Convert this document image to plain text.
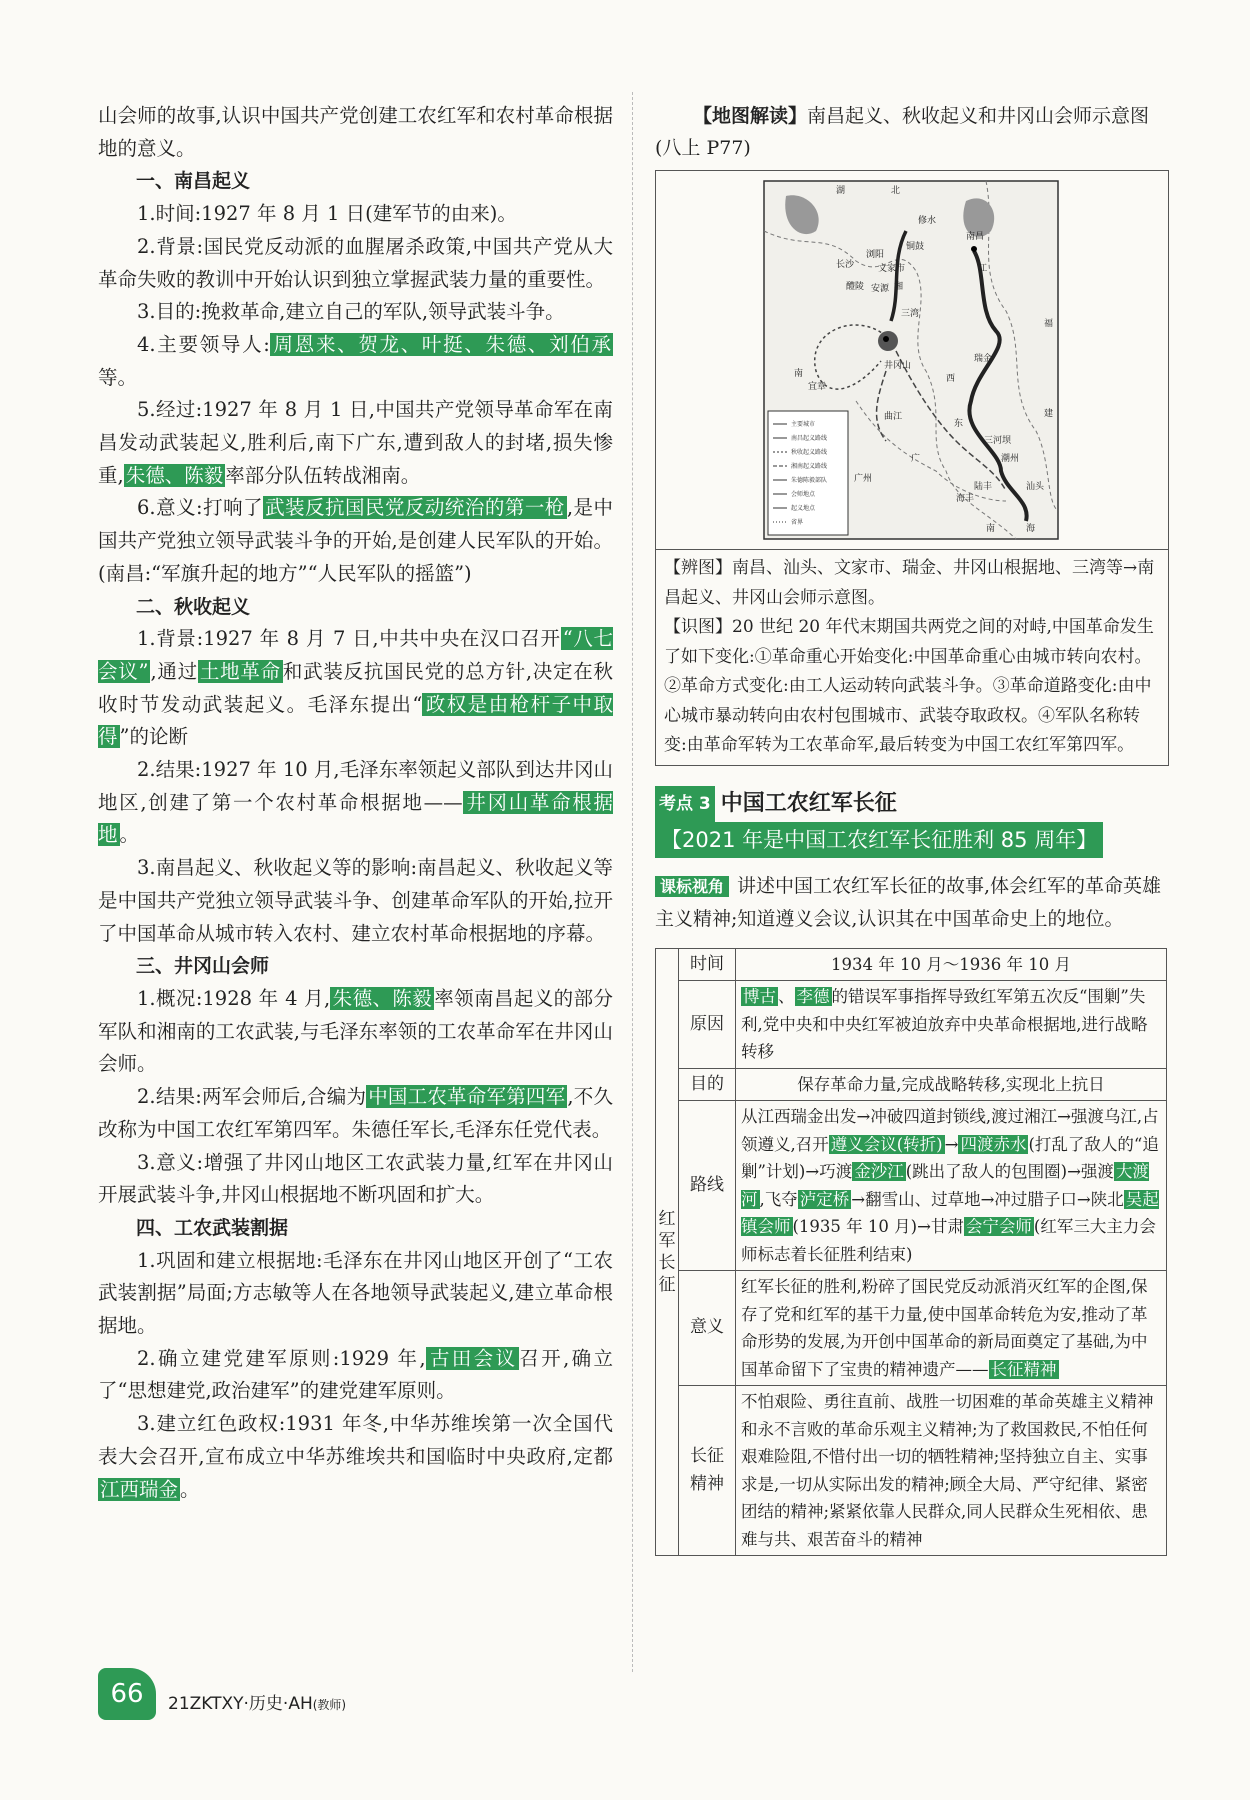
山会师的故事,认识中国共产党创建工农红军和农村革命根据地的意义。

一、南昌起义

1.时间:1927 年 8 月 1 日(建军节的由来)。

2.背景:国民党反动派的血腥屠杀政策,中国共产党从大革命失败的教训中开始认识到独立掌握武装力量的重要性。

3.目的:挽救革命,建立自己的军队,领导武装斗争。

4.主要领导人: 周恩来、贺龙、叶挺、朱德、刘伯承等。

5.经过:1927 年 8 月 1 日,中国共产党领导革命军在南昌发动武装起义,胜利后,南下广东,遭到敌人的封堵,损失惨重, 朱德、陈毅 率部分队伍转战湘南。

6.意义:打响了 武装反抗国民党反动统治的第一枪 ,是中国共产党独立领导武装斗争的开始,是创建人民军队的开始。(南昌:“军旗升起的地方”“人民军队的摇篮”)

二、秋收起义

1.背景:1927 年 8 月 7 日,中共中央在汉口召开 “八七会议” ,通过 土地革命 和武装反抗国民党的总方针,决定在秋收时节发动武装起义。毛泽东提出“ 政权是由枪杆子中取得 ”的论断

2.结果:1927 年 10 月,毛泽东率领起义部队到达井冈山地区,创建了第一个农村革命根据地—— 井冈山革命根据地 。

3.南昌起义、秋收起义等的影响:南昌起义、秋收起义等是中国共产党独立领导武装斗争、创建革命军队的开始,拉开了中国革命从城市转入农村、建立农村革命根据地的序幕。

三、井冈山会师

1.概况:1928 年 4 月, 朱德、陈毅 率领南昌起义的部分军队和湘南的工农武装,与毛泽东率领的工农革命军在井冈山会师。

2.结果:两军会师后,合编为 中国工农革命军第四军 ,不久改称为中国工农红军第四军。朱德任军长,毛泽东任党代表。

3.意义:增强了井冈山地区工农武装力量,红军在井冈山开展武装斗争,井冈山根据地不断巩固和扩大。

四、工农武装割据

1.巩固和建立根据地:毛泽东在井冈山地区开创了“工农武装割据”局面;方志敏等人在各地领导武装起义,建立革命根据地。

2.确立建党建军原则:1929 年, 古田会议 召开,确立了“思想建党,政治建军”的建党建军原则。

3.建立红色政权:1931 年冬,中华苏维埃第一次全国代表大会召开,宣布成立中华苏维埃共和国临时中央政府,定都江西瑞金 。

【地图解读】南昌起义、秋收起义和井冈山会师示意图(八上 P77)

主要城市
南昌起义路线
秋收起义路线
湘南起义路线
朱德陈毅部队
会师地点
起义地点
省界
湖	北
修水
铜鼓
浏阳
长沙
南昌
文家市
安源
醴陵	湘
江
三湾
井冈山
瑞金
福
南
宜章
曲江
东
西
三河坝
建
潮州
汕头
陆丰
海丰
广
广州
南	海
【辨图】南昌、汕头、文家市、瑞金、井冈山根据地、三湾等→南昌起义、井冈山会师示意图。
【识图】20 世纪 20 年代末期国共两党之间的对峙,中国革命发生了如下变化:①革命重心开始变化:中国革命重心由城市转向农村。②革命方式变化:由工人运动转向武装斗争。③革命道路变化:由中心城市暴动转向由农村包围城市、武装夺取政权。④军队名称转变:由革命军转为工农革命军,最后转变为中国工农红军第四军。
考点 3 中国工农红军长征
【2021 年是中国工农红军长征胜利 85 周年】
课标视角 讲述中国工农红军长征的故事,体会红军的革命英雄主义精神;知道遵义会议,认识其在中国革命史上的地位。
红军长征	时间	1934 年 10 月～1936 年 10 月
	原因	博古 、 李德 的错误军事指挥导致红军第五次反“围剿”失利,党中央和中央红军被迫放弃中央革命根据地,进行战略转移
	目的	保存革命力量,完成战略转移,实现北上抗日
	路线	从江西瑞金出发→冲破四道封锁线,渡过湘江→强渡乌江,占领遵义,召开 遵义会议(转折) → 四渡赤水 (打乱了敌人的“追剿”计划)→巧渡 金沙江 (跳出了敌人的包围圈)→强渡 大渡河 ,飞夺 泸定桥 →翻雪山、过草地→冲过腊子口→陕北 吴起镇会师 (1935 年 10 月)→甘肃 会宁会师 (红军三大主力会师标志着长征胜利结束)
	意义	红军长征的胜利,粉碎了国民党反动派消灭红军的企图,保存了党和红军的基干力量,使中国革命转危为安,推动了革命形势的发展,为开创中国革命的新局面奠定了基础,为中国革命留下了宝贵的精神遗产—— 长征精神
	长征精神	不怕艰险、勇往直前、战胜一切困难的革命英雄主义精神和永不言败的革命乐观主义精神;为了救国救民,不怕任何艰难险阻,不惜付出一切的牺牲精神;坚持独立自主、实事求是,一切从实际出发的精神;顾全大局、严守纪律、紧密团结的精神;紧紧依靠人民群众,同人民群众生死相依、患难与共、艰苦奋斗的精神
66	21ZKTXY·历史·AH(教师)
